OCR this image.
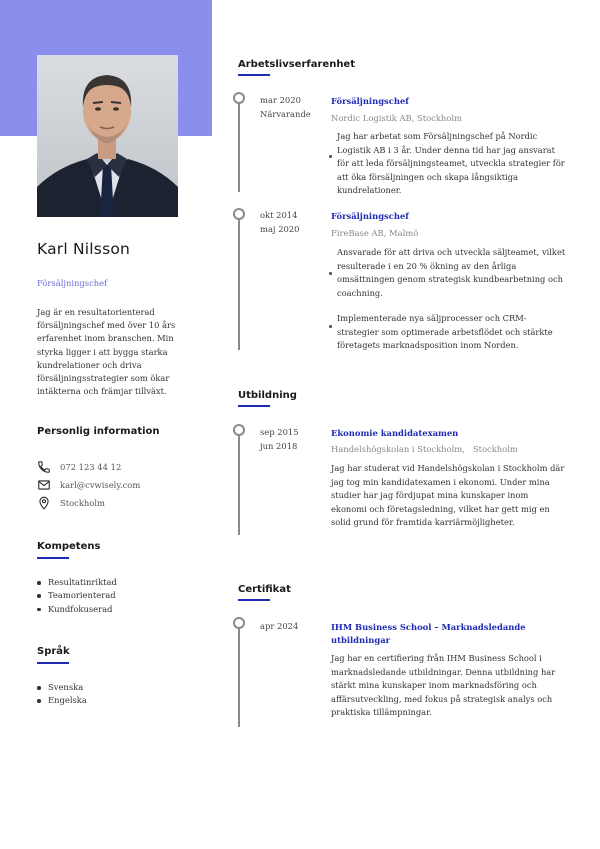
Karl Nilsson
Försäljningschef
Jag är en resultatorienterad försäljningschef med över 10 års erfarenhet inom branschen. Min styrka ligger i att bygga starka kundrelationer och driva försäljningsstrategier som ökar intäkterna och främjar tillväxt.
Personlig information
072 123 44 12
karl@cvwisely.com
Stockholm
Kompetens
Resultatinriktad
Teamorienterad
Kundfokuserad
Språk
Svenska
Engelska
Arbetslivserfarenhet
mar 2020
Närvarande
Försäljningschef
Nordic Logistik AB, Stockholm
Jag har arbetat som Försäljningschef på Nordic Logistik AB i 3 år. Under denna tid har jag ansvarat för att leda försäljningsteamet, utveckla strategier för att öka försäljningen och skapa långsiktiga kundrelationer.
okt 2014
maj 2020
Försäljningschef
FireBase AB, Malmö
Ansvarade för att driva och utveckla säljteamet, vilket resulterade i en 20 % ökning av den årliga omsättningen genom strategisk kundbearbetning och coachning.
Implementerade nya säljprocesser och CRM-strategier som optimerade arbetsflödet och stärkte företagets marknadsposition inom Norden.
Utbildning
sep 2015
jun 2018
Ekonomie kandidatexamen
Handelshögskolan i Stockholm,   Stockholm
Jag har studerat vid Handelshögskolan i Stockholm där jag tog min kandidatexamen i ekonomi. Under mina studier har jag fördjupat mina kunskaper inom ekonomi och företagsledning, vilket har gett mig en solid grund för framtida karriärmöjligheter.
Certifikat
apr 2024	IHM Business School – Marknadsledande utbildningar
Jag har en certifiering från IHM Business School i marknadsledande utbildningar. Denna utbildning har stärkt mina kunskaper inom marknadsföring och affärsutveckling, med fokus på strategisk analys och praktiska tillämpningar.
